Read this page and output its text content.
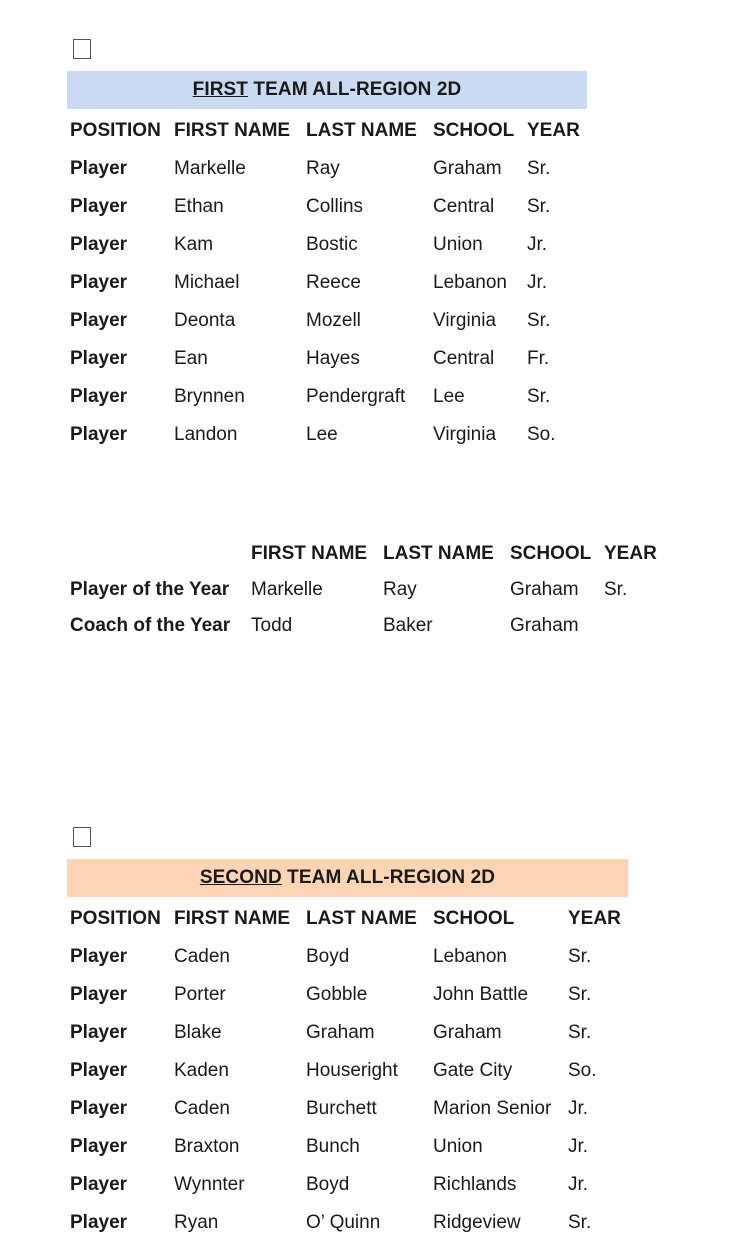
FIRST TEAM ALL-REGION 2D
POSITION	FIRST NAME	LAST NAME	SCHOOL	YEAR
Player	Markelle	Ray	Graham	Sr.
Player	Ethan	Collins	Central	Sr.
Player	Kam	Bostic	Union	Jr.
Player	Michael	Reece	Lebanon	Jr.
Player	Deonta	Mozell	Virginia	Sr.
Player	Ean	Hayes	Central	Fr.
Player	Brynnen	Pendergraft	Lee	Sr.
Player	Landon	Lee	Virginia	So.
	FIRST NAME	LAST NAME	SCHOOL	YEAR
Player of the Year	Markelle	Ray	Graham	Sr.
Coach of the Year	Todd	Baker	Graham	
SECOND TEAM ALL-REGION 2D
POSITION	FIRST NAME	LAST NAME	SCHOOL	YEAR
Player	Caden	Boyd	Lebanon	Sr.
Player	Porter	Gobble	John Battle	Sr.
Player	Blake	Graham	Graham	Sr.
Player	Kaden	Houseright	Gate City	So.
Player	Caden	Burchett	Marion Senior	Jr.
Player	Braxton	Bunch	Union	Jr.
Player	Wynnter	Boyd	Richlands	Jr.
Player	Ryan	O’ Quinn	Ridgeview	Sr.
